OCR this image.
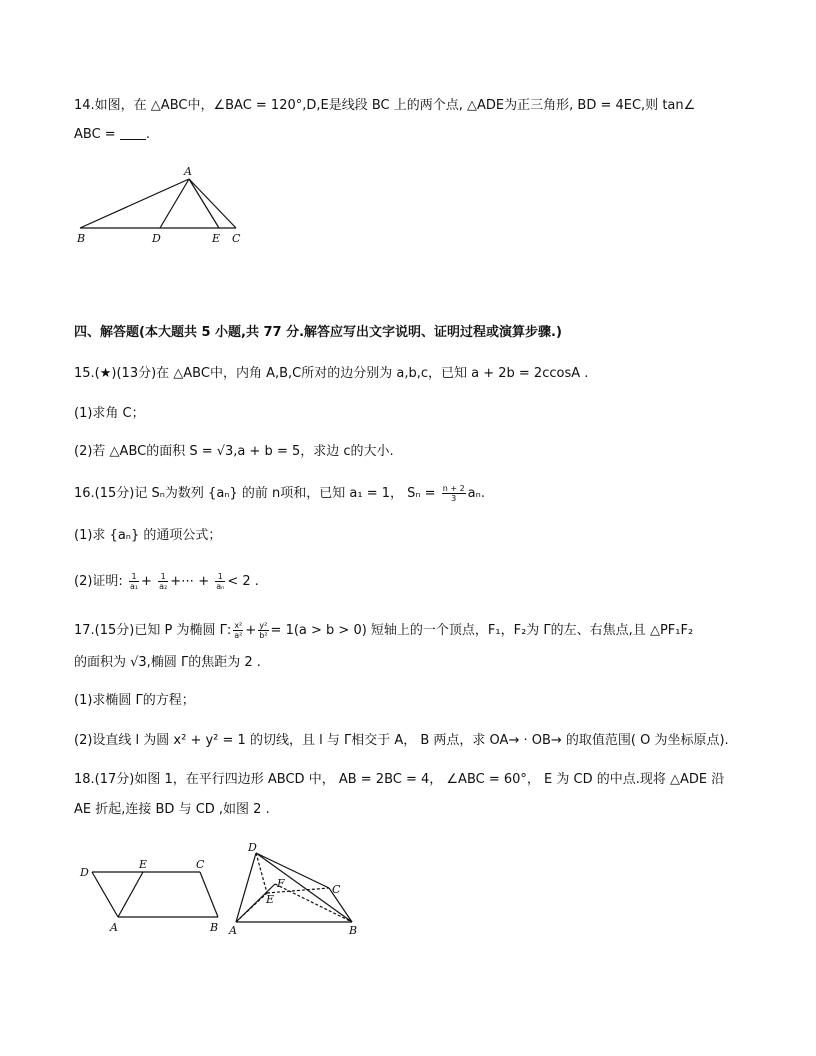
14.如图，在 △ABC中，∠BAC = 120°,D,E是线段 BC 上的两个点, △ADE为正三角形, BD = 4EC,则 tan∠
ABC = .
A
B	D	E C
D
E	C
A	B
D
F
E
C
A	B
四、解答题(本大题共 5 小题,共 77 分.解答应写出文字说明、证明过程或演算步骤.)
15.(★)(13分)在 △ABC中，内角 A,B,C所对的边分别为 a,b,c，已知 a + 2b = 2ccosA .
(1)求角 C；
(2)若 △ABC的面积 S = √3,a + b = 5，求边 c的大小.
16.(15分)记 Sₙ为数列 {aₙ} 的前 n项和，已知 a₁ = 1， $S_n = \frac{n + 2}{3} a_n$.
(1)求 {aₙ} 的通项公式；
(2)证明: $\frac{1}{\text{a₁}} + \frac{1}{\text{a₂}}$ +⋯ + $\frac{1}{\text{aₙ}} < 2$ .
17.(15分)已知 P 为椭圆 Γ: $\frac{\text{x²}}{\text{a²}} + \frac{\text{y²}}{\text{b²}} = 1(a > b > 0)$ 短轴上的一个顶点，F₁，F₂为 Γ的左、右焦点,且 △PF₁F₂
的面积为 √3,椭圆 Γ的焦距为 2 .
(1)求椭圆 Γ的方程；
(2)设直线 l 为圆 x² + y² = 1 的切线，且 l 与 Γ相交于 A， B 两点，求 OA→ · OB→ 的取值范围( O 为坐标原点).
18.(17分)如图 1，在平行四边形 ABCD 中， AB = 2BC = 4， ∠ABC = 60°， E 为 CD 的中点.现将 △ADE 沿
AE 折起,连接 BD 与 CD ,如图 2 .
